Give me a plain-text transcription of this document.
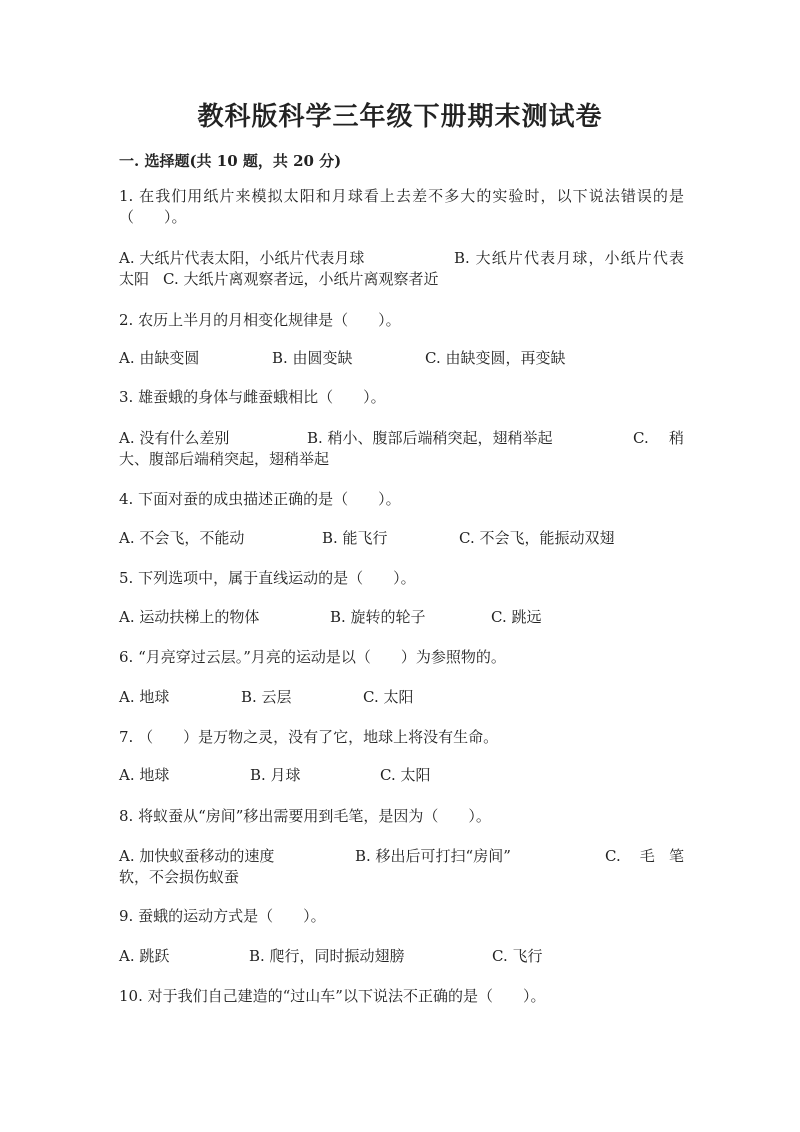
教科版科学三年级下册期末测试卷
一. 选择题(共 10 题，共 20 分)
1. 在我们用纸片来模拟太阳和月球看上去差不多大的实验时，以下说法错误的是（　　）。
A. 大纸片代表太阳，小纸片代表月球	B. 大纸片代表月球，小纸片代表太阳 C. 大纸片离观察者远，小纸片离观察者近
2. 农历上半月的月相变化规律是（　　）。
A. 由缺变圆	B. 由圆变缺	C. 由缺变圆，再变缺
3. 雄蚕蛾的身体与雌蚕蛾相比（　　）。
A. 没有什么差别	B. 稍小、腹部后端稍突起，翅稍举起	C. 稍大、腹部后端稍突起，翅稍举起
4. 下面对蚕的成虫描述正确的是（　　）。
A. 不会飞，不能动	B. 能飞行	C. 不会飞，能振动双翅
5. 下列选项中，属于直线运动的是（　　）。
A. 运动扶梯上的物体	B. 旋转的轮子	C. 跳远
6. “月亮穿过云层。”月亮的运动是以（　　）为参照物的。
A. 地球	B. 云层	C. 太阳
7. （　　）是万物之灵，没有了它，地球上将没有生命。
A. 地球	B. 月球	C. 太阳
8. 将蚁蚕从“房间”移出需要用到毛笔，是因为（　　）。
A. 加快蚁蚕移动的速度	B. 移出后可打扫“房间”	C. 毛笔软，不会损伤蚁蚕
9. 蚕蛾的运动方式是（　　）。
A. 跳跃	B. 爬行，同时振动翅膀	C. 飞行
10. 对于我们自己建造的“过山车”以下说法不正确的是（　　）。
